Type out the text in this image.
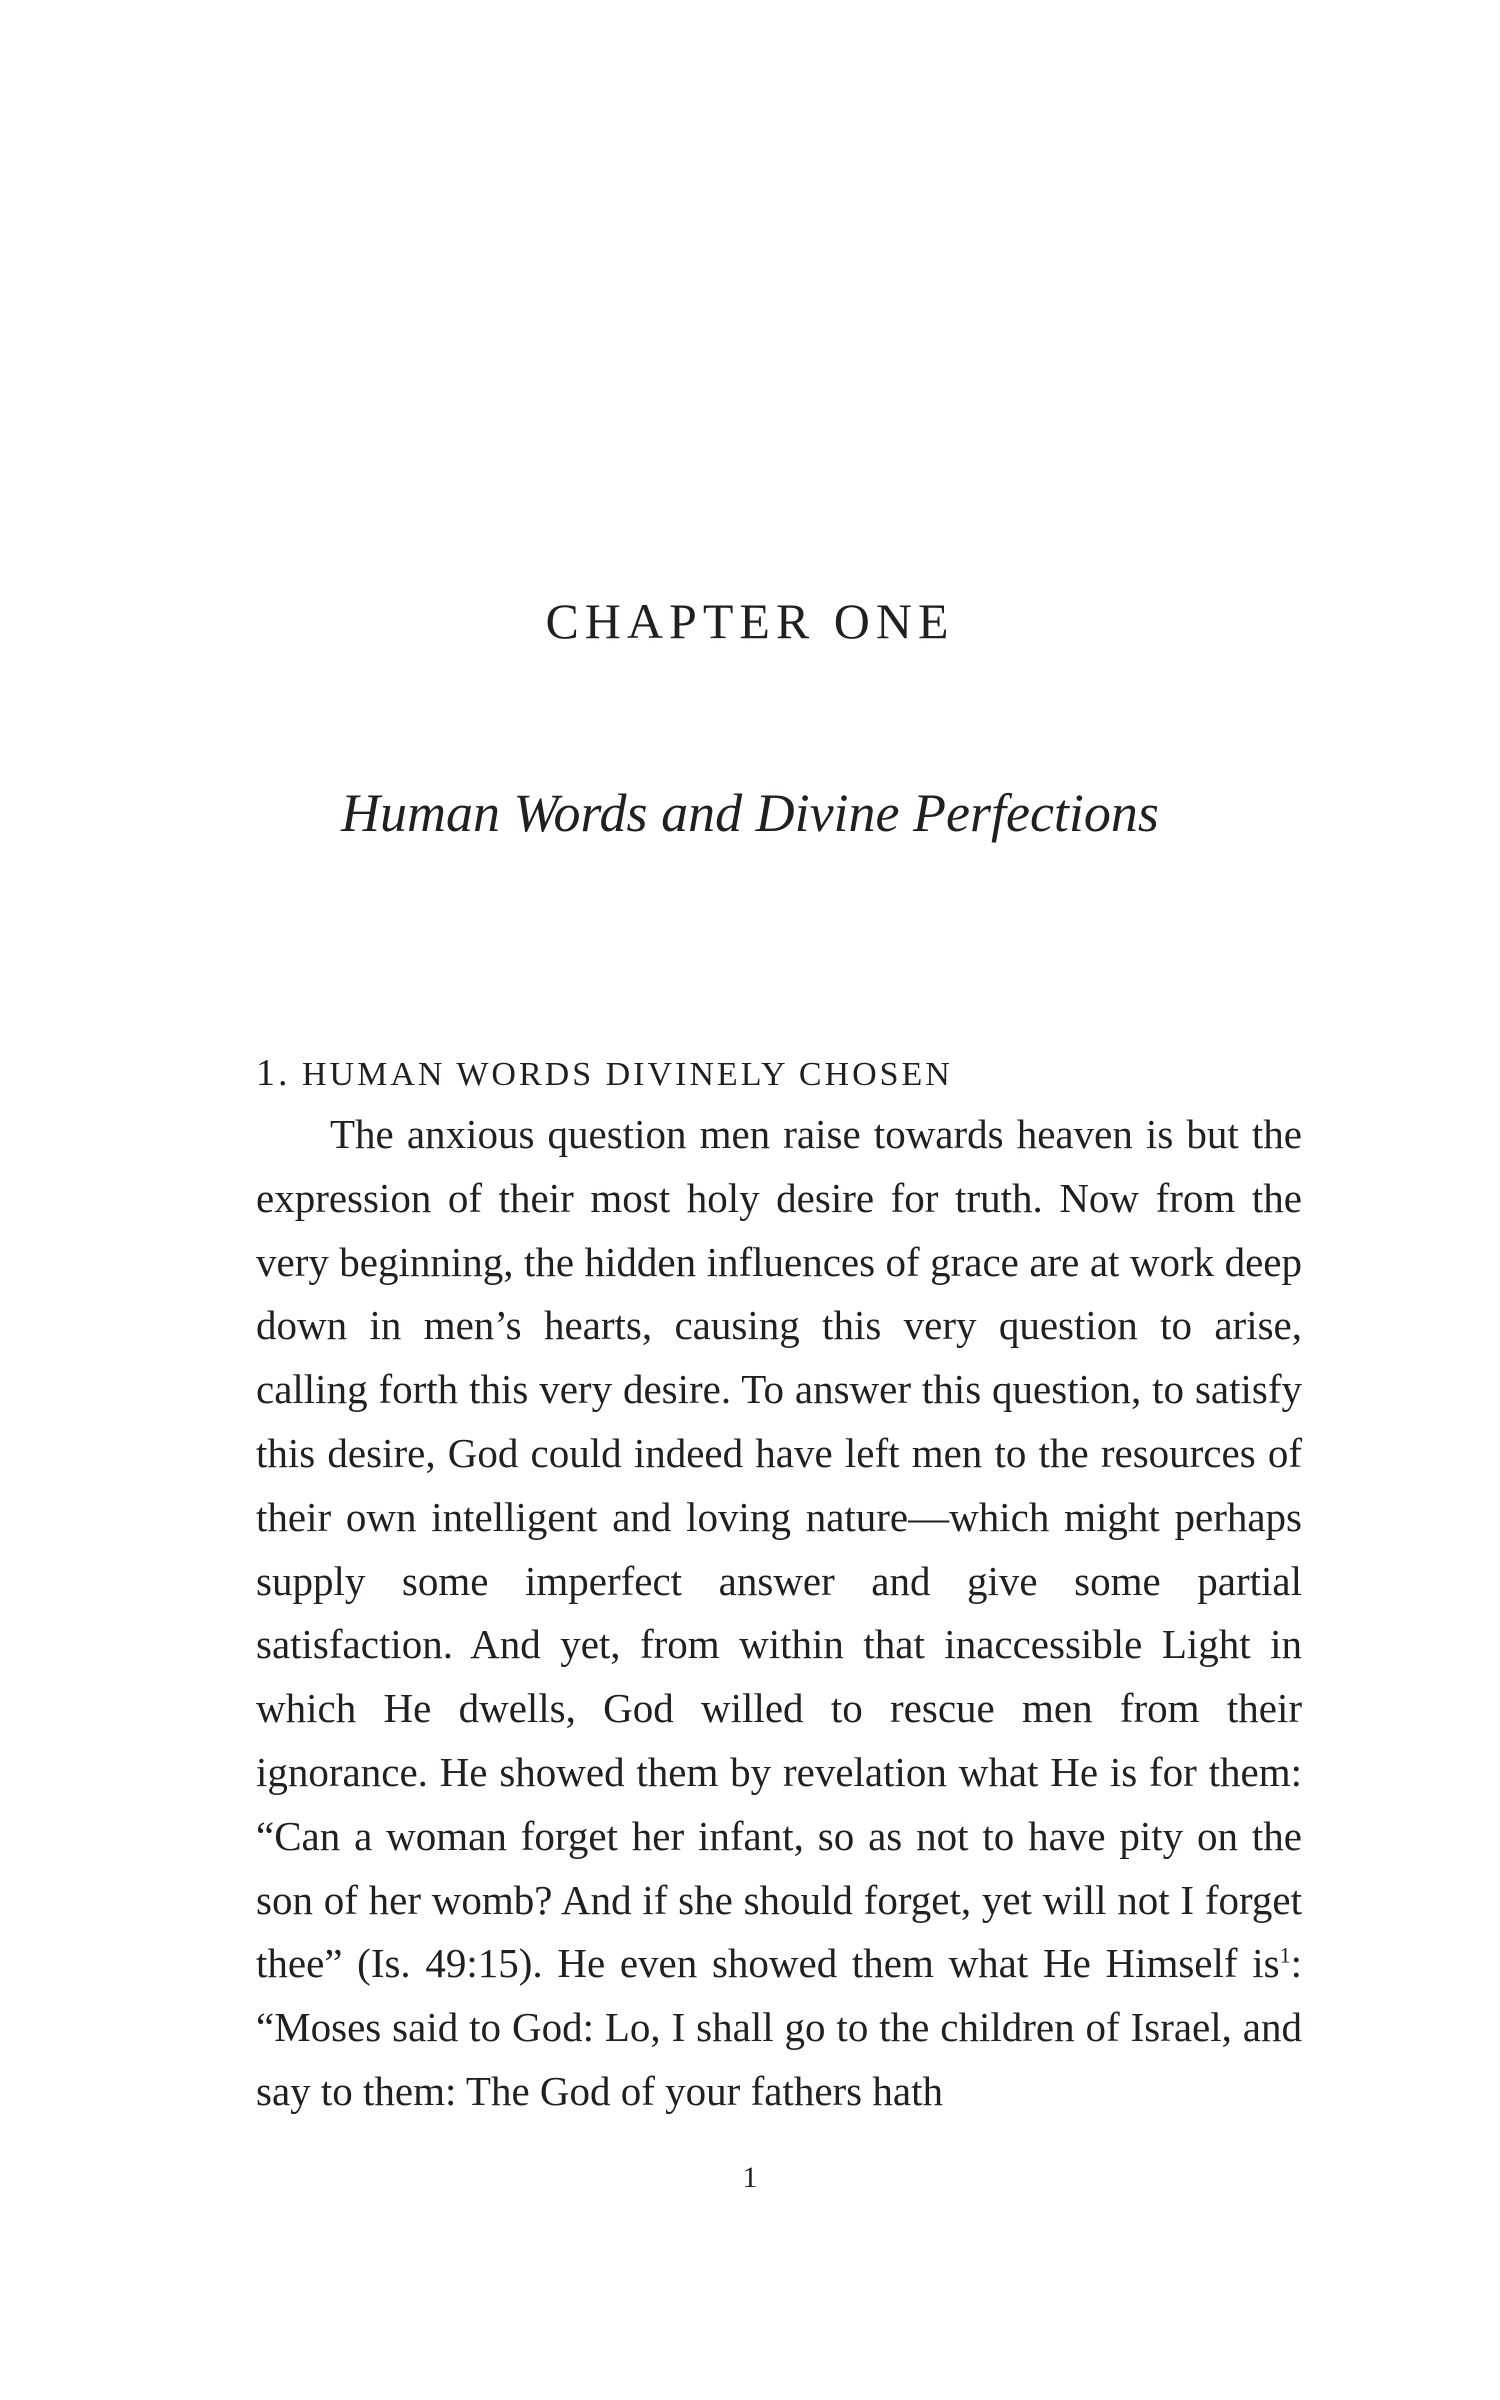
CHAPTER ONE
Human Words and Divine Perfections
1. HUMAN WORDS DIVINELY CHOSEN

The anxious question men raise towards heaven is but the expression of their most holy desire for truth. Now from the very beginning, the hidden influences of grace are at work deep down in men’s hearts, causing this very question to arise, calling forth this very desire. To answer this question, to satisfy this desire, God could indeed have left men to the resources of their own intelligent and loving nature—which might perhaps supply some imperfect answer and give some partial satisfaction. And yet, from within that inaccessible Light in which He dwells, God willed to rescue men from their ignorance. He showed them by revelation what He is for them: “Can a woman forget her infant, so as not to have pity on the son of her womb? And if she should forget, yet will not I forget thee” (Is. 49:15). He even showed them what He Himself $is^1$: “Moses said to God: Lo, I shall go to the children of Israel, and say to them: The God of your fathers hath

1
